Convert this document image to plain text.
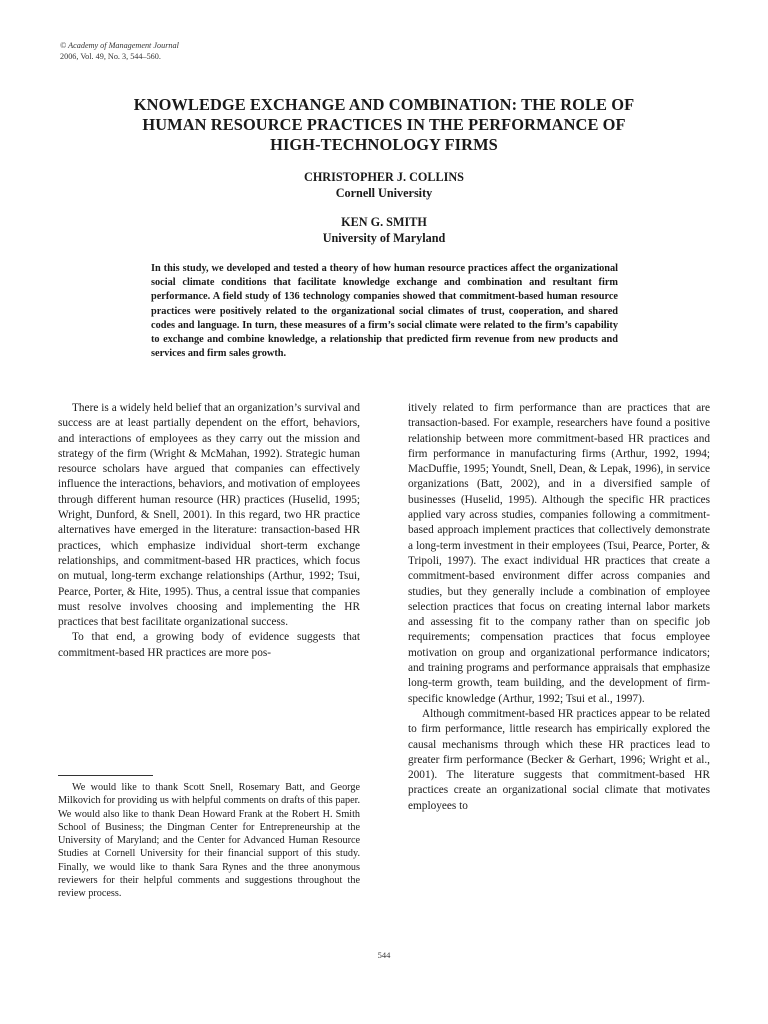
© Academy of Management Journal
2006, Vol. 49, No. 3, 544–560.
KNOWLEDGE EXCHANGE AND COMBINATION: THE ROLE OF
HUMAN RESOURCE PRACTICES IN THE PERFORMANCE OF
HIGH-TECHNOLOGY FIRMS
CHRISTOPHER J. COLLINS
Cornell University
KEN G. SMITH
University of Maryland

In this study, we developed and tested a theory of how human resource practices affect the organizational social climate conditions that facilitate knowledge exchange and combination and resultant firm performance. A field study of 136 technology companies showed that commitment-based human resource practices were positively related to the organizational social climates of trust, cooperation, and shared codes and language. In turn, these measures of a firm’s social climate were related to the firm’s capability to exchange and combine knowledge, a relationship that predicted firm revenue from new products and services and firm sales growth.

There is a widely held belief that an organization’s survival and success are at least partially dependent on the effort, behaviors, and interactions of employees as they carry out the mission and strategy of the firm (Wright & McMahan, 1992). Strategic human resource scholars have argued that companies can effectively influence the interactions, behaviors, and motivation of employees through different human resource (HR) practices (Huselid, 1995; Wright, Dunford, & Snell, 2001). In this regard, two HR practice alternatives have emerged in the literature: transaction-based HR practices, which emphasize individual short-term exchange relationships, and commitment-based HR practices, which focus on mutual, long-term exchange relationships (Arthur, 1992; Tsui, Pearce, Porter, & Hite, 1995). Thus, a central issue that companies must resolve involves choosing and implementing the HR practices that best facilitate organizational success.

To that end, a growing body of evidence suggests that commitment-based HR practices are more pos-

itively related to firm performance than are practices that are transaction-based. For example, researchers have found a positive relationship between more commitment-based HR practices and firm performance in manufacturing firms (Arthur, 1992, 1994; MacDuffie, 1995; Youndt, Snell, Dean, & Lepak, 1996), in service organizations (Batt, 2002), and in a diversified sample of businesses (Huselid, 1995). Although the specific HR practices applied vary across studies, companies following a commitment-based approach implement practices that collectively demonstrate a long-term investment in their employees (Tsui, Pearce, Porter, & Tripoli, 1997). The exact individual HR practices that create a commitment-based environment differ across companies and studies, but they generally include a combination of employee selection practices that focus on creating internal labor markets and assessing fit to the company rather than on specific job requirements; compensation practices that focus employee motivation on group and organizational performance indicators; and training programs and performance appraisals that emphasize long-term growth, team building, and the development of firm-specific knowledge (Arthur, 1992; Tsui et al., 1997).

Although commitment-based HR practices appear to be related to firm performance, little research has empirically explored the causal mechanisms through which these HR practices lead to greater firm performance (Becker & Gerhart, 1996; Wright et al., 2001). The literature suggests that commitment-based HR practices create an organizational social climate that motivates employees to

We would like to thank Scott Snell, Rosemary Batt, and George Milkovich for providing us with helpful comments on drafts of this paper. We would also like to thank Dean Howard Frank at the Robert H. Smith School of Business; the Dingman Center for Entrepreneurship at the University of Maryland; and the Center for Advanced Human Resource Studies at Cornell University for their financial support of this study. Finally, we would like to thank Sara Rynes and the three anonymous reviewers for their helpful comments and suggestions throughout the review process.

544
